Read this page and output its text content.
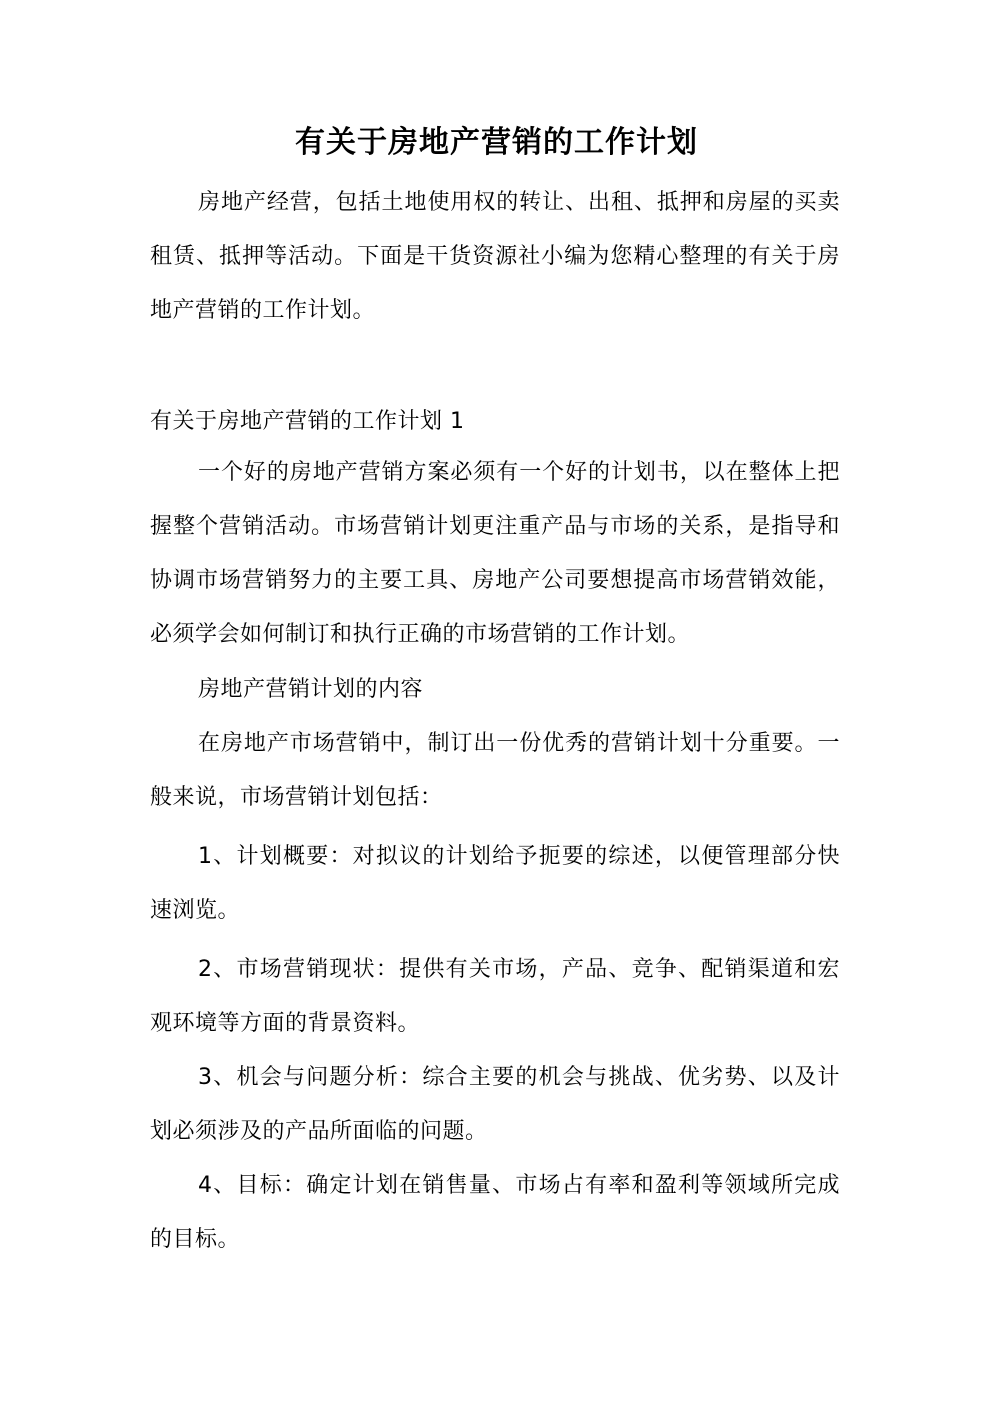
有关于房地产营销的工作计划

房地产经营，包括土地使用权的转让、出租、抵押和房屋的买卖租赁、抵押等活动。下面是干货资源社小编为您精心整理的有关于房地产营销的工作计划。

有关于房地产营销的工作计划 1

一个好的房地产营销方案必须有一个好的计划书，以在整体上把握整个营销活动。市场营销计划更注重产品与市场的关系，是指导和协调市场营销努力的主要工具、房地产公司要想提高市场营销效能，必须学会如何制订和执行正确的市场营销的工作计划。

房地产营销计划的内容

在房地产市场营销中，制订出一份优秀的营销计划十分重要。一般来说，市场营销计划包括：

1、计划概要：对拟议的计划给予扼要的综述，以便管理部分快速浏览。

2、市场营销现状：提供有关市场，产品、竞争、配销渠道和宏观环境等方面的背景资料。

3、机会与问题分析：综合主要的机会与挑战、优劣势、以及计划必须涉及的产品所面临的问题。

4、目标：确定计划在销售量、市场占有率和盈利等领域所完成的目标。
